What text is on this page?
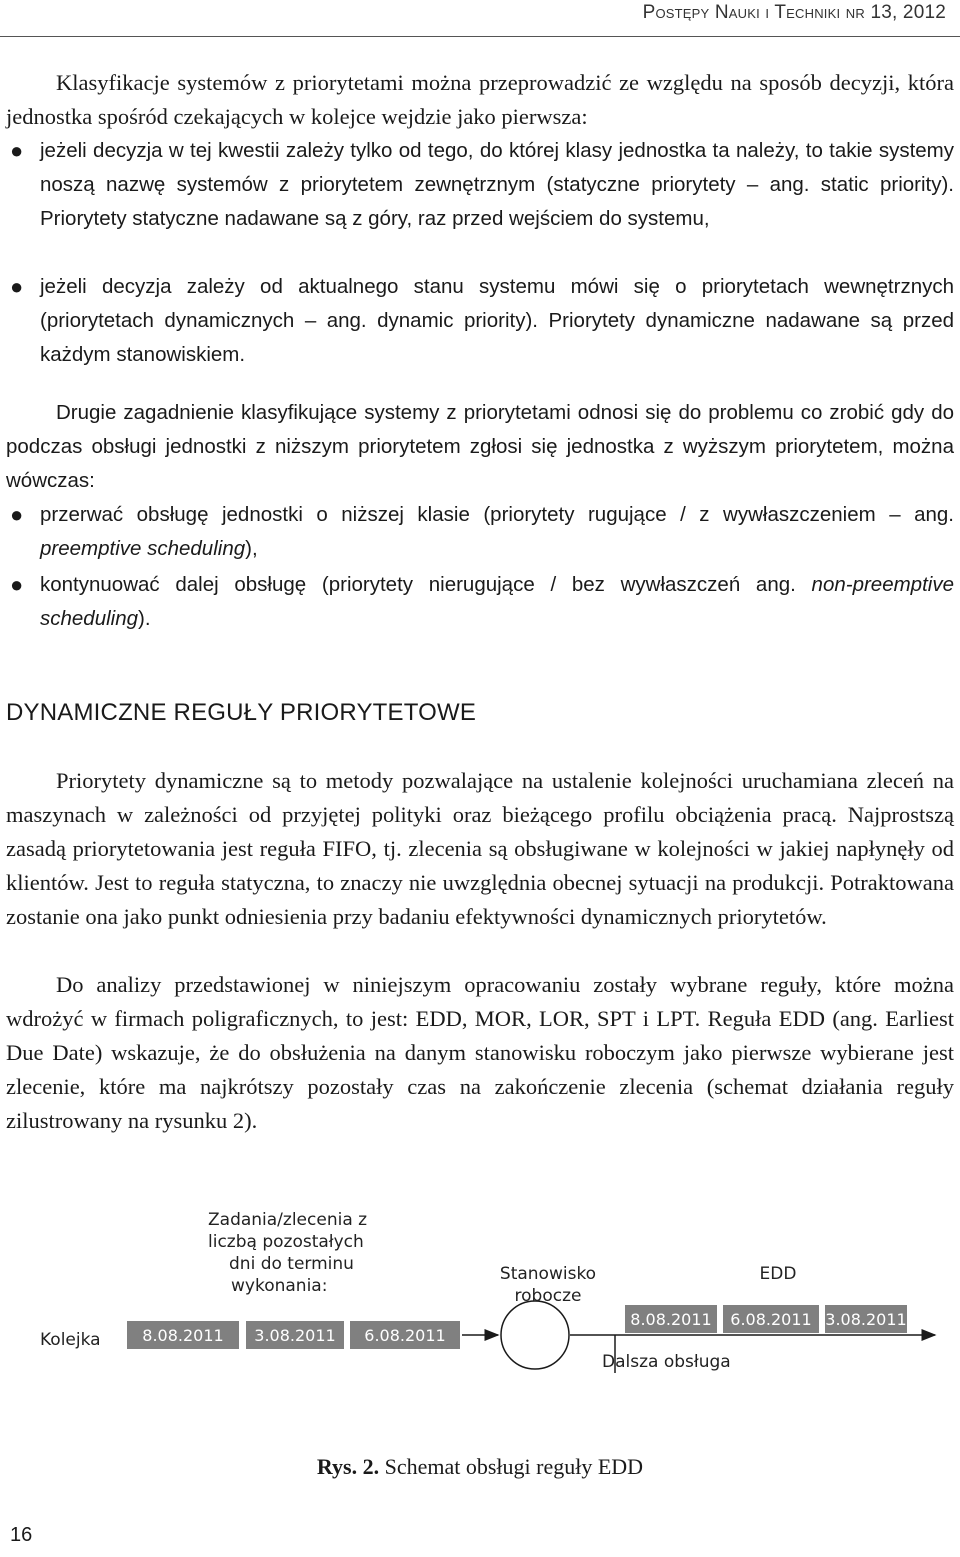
Postępy Nauki i Techniki nr 13, 2012

Klasyfikacje systemów z priorytetami można przeprowadzić ze względu na sposób decyzji, która jednostka spośród czekających w kolejce wejdzie jako pierwsza:

● jeżeli decyzja w tej kwestii zależy tylko od tego, do której klasy jednostka ta należy, to takie systemy noszą nazwę systemów z priorytetem zewnętrznym (statyczne priorytety – ang. static priority). Priorytety statyczne nadawane są z góry, raz przed wejściem do systemu,
● jeżeli decyzja zależy od aktualnego stanu systemu mówi się o priorytetach wewnętrznych (priorytetach dynamicznych – ang. dynamic priority). Priorytety dynamiczne nadawane są przed każdym stanowiskiem.

Drugie zagadnienie klasyfikujące systemy z priorytetami odnosi się do problemu co zrobić gdy do podczas obsługi jednostki z niższym priorytetem zgłosi się jednostka z wyższym priorytetem, można wówczas:

● przerwać obsługę jednostki o niższej klasie (priorytety rugujące / z wywłaszczeniem – ang. preemptive scheduling),
● kontynuować dalej obsługę (priorytety nierugujące / bez wywłaszczeń ang. non-preemptive scheduling).
DYNAMICZNE REGUŁY PRIORYTETOWE

Priorytety dynamiczne są to metody pozwalające na ustalenie kolejności uruchamiana zleceń na maszynach w zależności od przyjętej polityki oraz bieżącego profilu obciążenia pracą. Najprostszą zasadą priorytetowania jest reguła FIFO, tj. zlecenia są obsługiwane w kolejności w jakiej napłynęły od klientów. Jest to reguła statyczna, to znaczy nie uwzględnia obecnej sytuacji na produkcji. Potraktowana zostanie ona jako punkt odniesienia przy badaniu efektywności dynamicznych priorytetów.

Do analizy przedstawionej w niniejszym opracowaniu zostały wybrane reguły, które można wdrożyć w firmach poligraficznych, to jest: EDD, MOR, LOR, SPT i LPT. Reguła EDD (ang. Earliest Due Date) wskazuje, że do obsłużenia na danym stanowisku roboczym jako pierwsze wybierane jest zlecenie, które ma najkrótszy pozostały czas na zakończenie zlecenia (schemat działania reguły zilustrowany na rysunku 2).

Zadania/zlecenia z
liczbą pozostałych
dni do terminu
wykonania:
Kolejka	8.08.2011 3.08.2011 6.08.2011
Stanowisko
robocze
EDD
8.08.2011 6.08.2011 3.08.2011
Dalsza obsługa
Rys. 2. Schemat obsługi reguły EDD
16
